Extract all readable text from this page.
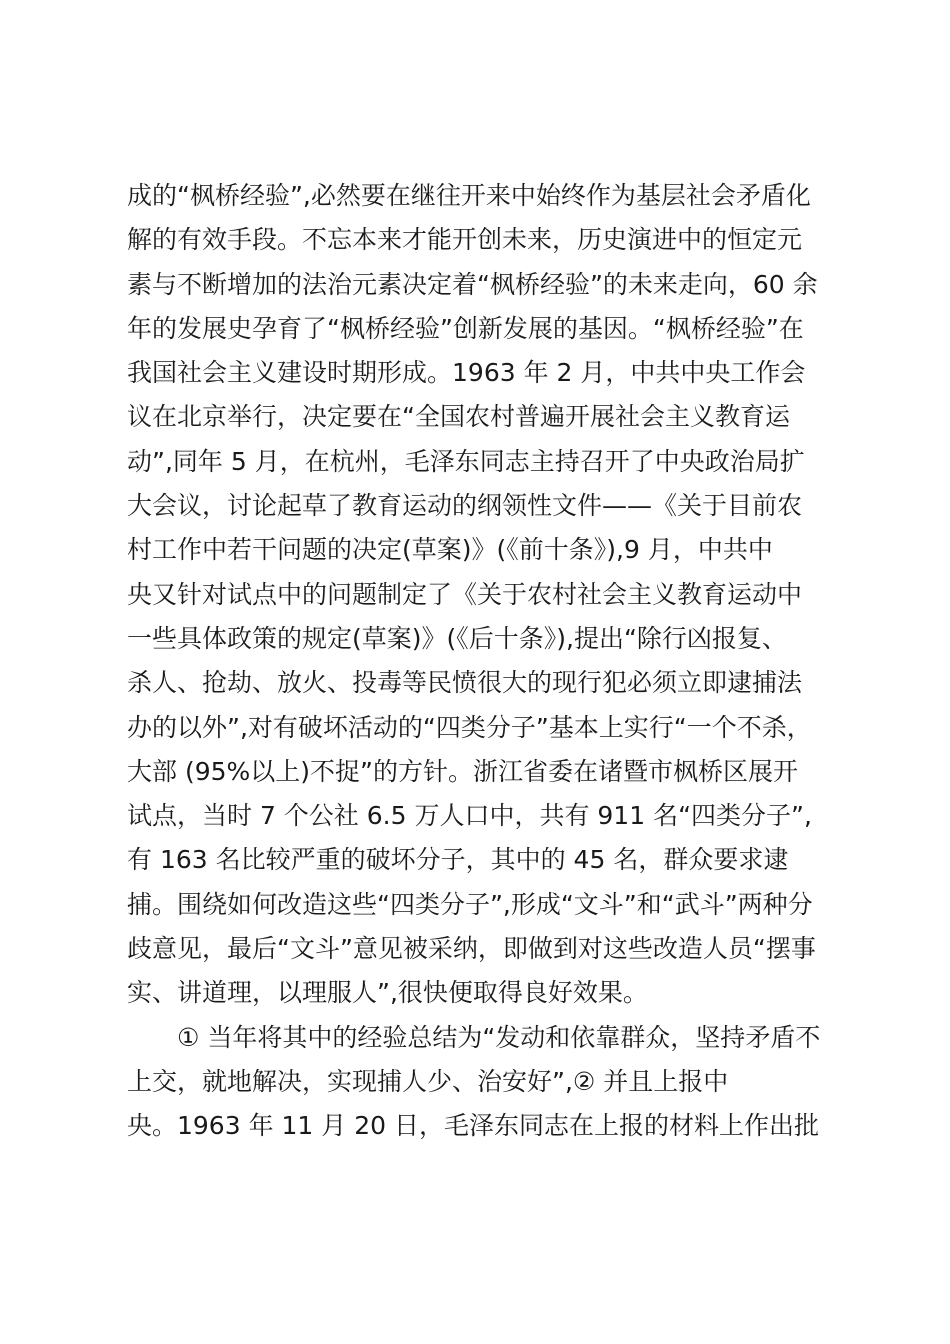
成的“枫桥经验”,必然要在继往开来中始终作为基层社会矛盾化
解的有效手段。不忘本来才能开创未来，历史演进中的恒定元
素与不断增加的法治元素决定着“枫桥经验”的未来走向，60 余
年的发展史孕育了“枫桥经验”创新发展的基因。“枫桥经验”在
我国社会主义建设时期形成。1963 年 2 月，中共中央工作会
议在北京举行，决定要在“全国农村普遍开展社会主义教育运
动”,同年 5 月，在杭州，毛泽东同志主持召开了中央政治局扩
大会议，讨论起草了教育运动的纲领性文件——《关于目前农
村工作中若干问题的决定(草案)》(《前十条》),9 月，中共中
央又针对试点中的问题制定了《关于农村社会主义教育运动中
一些具体政策的规定(草案)》(《后十条》),提出“除行凶报复、
杀人、抢劫、放火、投毒等民愤很大的现行犯必须立即逮捕法
办的以外”,对有破坏活动的“四类分子”基本上实行“一个不杀，
大部 (95%以上)不捉”的方针。浙江省委在诸暨市枫桥区展开
试点，当时 7 个公社 6.5 万人口中，共有 911 名“四类分子”,
有 163 名比较严重的破坏分子，其中的 45 名，群众要求逮
捕。围绕如何改造这些“四类分子”,形成“文斗”和“武斗”两种分
歧意见，最后“文斗”意见被采纳，即做到对这些改造人员“摆事
实、讲道理，以理服人”,很快便取得良好效果。
① 当年将其中的经验总结为“发动和依靠群众，坚持矛盾不
上交，就地解决，实现捕人少、治安好”,② 并且上报中
央。1963 年 11 月 20 日，毛泽东同志在上报的材料上作出批
